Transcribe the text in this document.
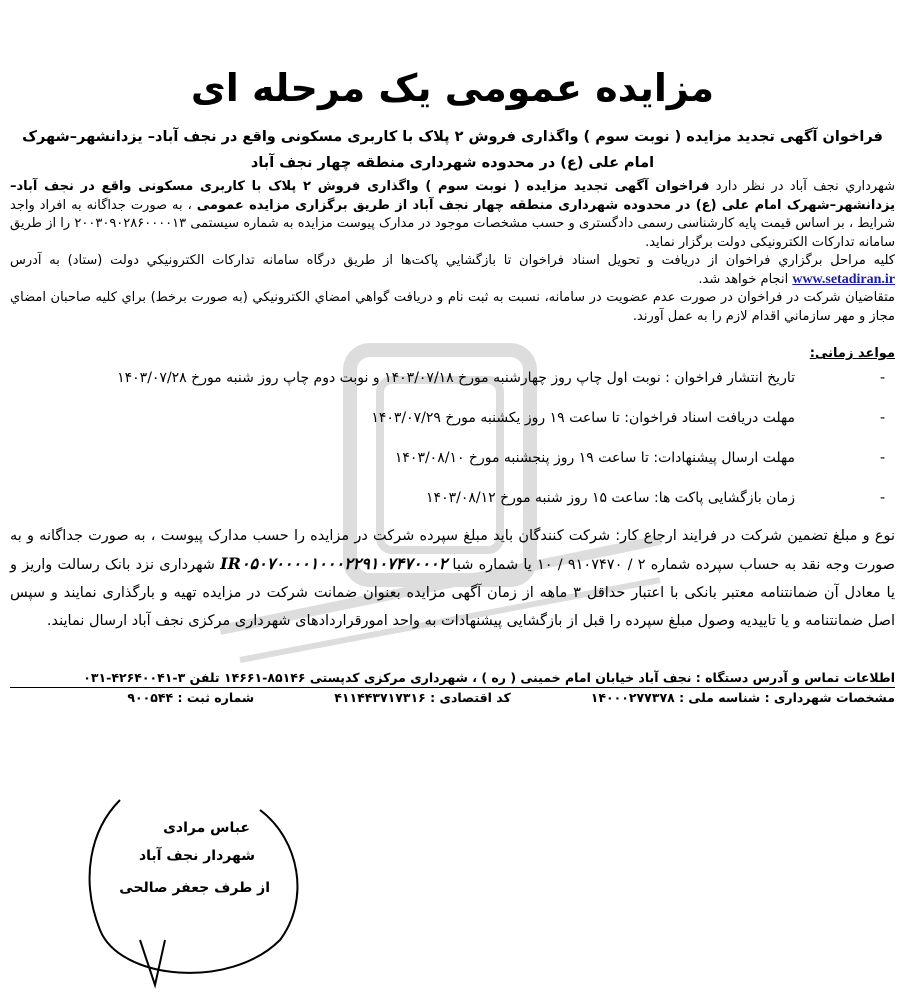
مزایده عمومی یک مرحله ای

فراخوان آگهی تجدید مزایده ( نوبت سوم ) واگذاری فروش ۲ پلاک با کاربری مسکونی واقع در نجف آباد– یزدانشهر–شهرک امام علی (ع) در محدوده شهرداری منطقه چهار نجف آباد

شهرداري نجف آباد در نظر دارد فراخوان آگهی تجدید مزایده ( نوبت سوم ) واگذاری فروش ۲ پلاک با کاربری مسکونی واقع در نجف آباد– یزدانشهر–شهرک امام علی (ع) در محدوده شهرداری منطقه چهار نجف آباد از طریق برگزاری مزایده عمومی ، به صورت جداگانه به افراد واجد شرایط ، بر اساس قیمت پایه کارشناسی رسمی دادگستری و حسب مشخصات موجود در مدارک پیوست مزایده به شماره سیستمی ۲۰۰۳۰۹۰۲۸۶۰۰۰۰۱۳ را از طریق سامانه تدارکات الکترونیکی دولت برگزار نماید.

کلیه مراحل برگزاري فراخوان از دریافت و تحویل اسناد فراخوان تا بازگشايي پاکت‌ها از طریق درگاه سامانه تدارکات الکترونيکي دولت (ستاد) به آدرس www.setadiran.ir انجام خواهد شد.

متقاضیان شرکت در فراخوان در صورت عدم عضويت در سامانه، نسبت به ثبت نام و دریافت گواهي امضاي الکترونيکي (به صورت برخط) براي کليه صاحبان امضاي مجاز و مهر سازماني اقدام لازم را به عمل آورند.

مواعد زمانی:
-
تاریخ انتشار فراخوان : نوبت اول چاپ روز چهارشنبه مورخ ۱۴۰۳/۰۷/۱۸ و نوبت دوم چاپ روز شنبه مورخ ۱۴۰۳/۰۷/۲۸
-
مهلت دریافت اسناد فراخوان: تا ساعت ۱۹ روز یکشنبه مورخ ۱۴۰۳/۰۷/۲۹
-
مهلت ارسال پیشنهادات: تا ساعت ۱۹ روز پنجشنبه مورخ ۱۴۰۳/۰۸/۱۰
-
زمان بازگشایی پاکت ها: ساعت ۱۵ روز شنبه مورخ ۱۴۰۳/۰۸/۱۲

نوع و مبلغ تضمین شرکت در فرایند ارجاع کار: شرکت کنندگان باید مبلغ سپرده شرکت در مزایده را حسب مدارک پیوست ، به صورت جداگانه و به صورت وجه نقد به حساب سپرده شماره ۲ / ۹۱۰۷۴۷۰ / ۱۰ یا شماره شبا IR۰۵۰۷۰۰۰۰۱۰۰۰۲۲۹۱۰۷۴۷۰۰۰۲ شهرداری نزد بانک رسالت واریز و یا معادل آن ضمانتنامه معتبر بانکی با اعتبار حداقل ۳ ماهه از زمان آگهی مزایده بعنوان ضمانت شرکت در مزایده تهیه و بارگذاری نمایند و سپس اصل ضمانتنامه و یا تاییدیه وصول مبلغ سپرده را قبل از بازگشایی پیشنهادات به واحد امورقراردادهای شهرداری مرکزی نجف آباد ارسال نمایند.

اطلاعات تماس و آدرس دستگاه : نجف آباد خیابان امام خمینی ( ره ) ، شهرداری مرکزی کدپستی ۸۵۱۴۶-۱۴۶۶۱ تلفن ۳-۴۲۶۴۰۰۴۱-۰۳۱
مشخصات شهرداری : شناسه ملی : ۱۴۰۰۰۲۷۷۳۷۸
کد اقتصادی : ۴۱۱۴۴۳۷۱۷۳۱۶
شماره ثبت : ۹۰۰۵۴۴
عباس مرادی
شهردار نجف آباد
از طرف جعفر صالحی
